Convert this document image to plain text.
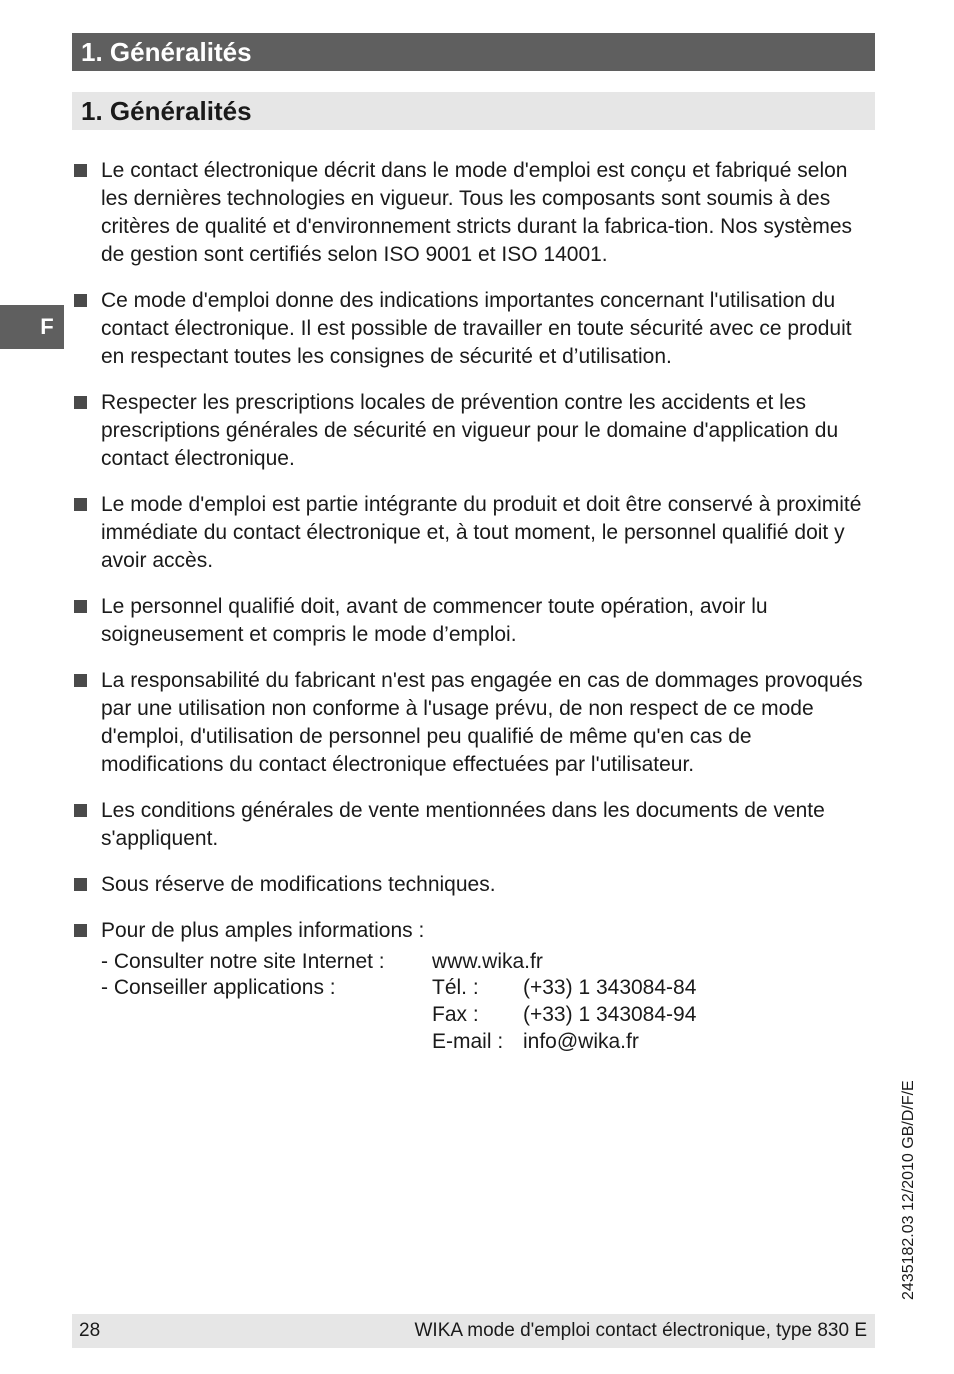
1. Généralités
1. Généralités
F
Le contact électronique décrit dans le mode d'emploi est conçu et fabriqué selon les dernières technologies en vigueur. Tous les composants sont soumis à des critères de qualité et d'environnement stricts durant la fabrica-tion. Nos systèmes de gestion sont certifiés selon ISO 9001 et ISO 14001.
Ce mode d'emploi donne des indications importantes concernant l'utilisation du contact électronique. Il est possible de travailler en toute sécurité avec ce produit en respectant toutes les consignes de sécurité et d’utilisation.
Respecter les prescriptions locales de prévention contre les accidents et les prescriptions générales de sécurité en vigueur pour le domaine d'application du contact électronique.
Le mode d'emploi est partie intégrante du produit et doit être conservé à proximité immédiate du contact électronique et, à tout moment, le personnel qualifié doit y avoir accès.
Le personnel qualifié doit, avant de commencer toute opération, avoir lu soigneusement et compris le mode d’emploi.
La responsabilité du fabricant n'est pas engagée en cas de dommages provoqués par une utilisation non conforme à l'usage prévu, de non respect de ce mode d'emploi, d'utilisation de personnel peu qualifié de même qu'en cas de modifications du contact électronique effectuées par l'utilisateur.
Les conditions générales de vente mentionnées dans les documents de vente s'appliquent.
Sous réserve de modifications techniques.
Pour de plus amples informations :
- Consulter notre site Internet : www.wika.fr
- Conseiller applications :	Tél. : (+33) 1 343084-84
Fax : (+33) 1 343084-94
E-mail : info@wika.fr
2435182.03 12/2010 GB/D/F/E
28	WIKA mode d'emploi contact électronique, type 830 E
